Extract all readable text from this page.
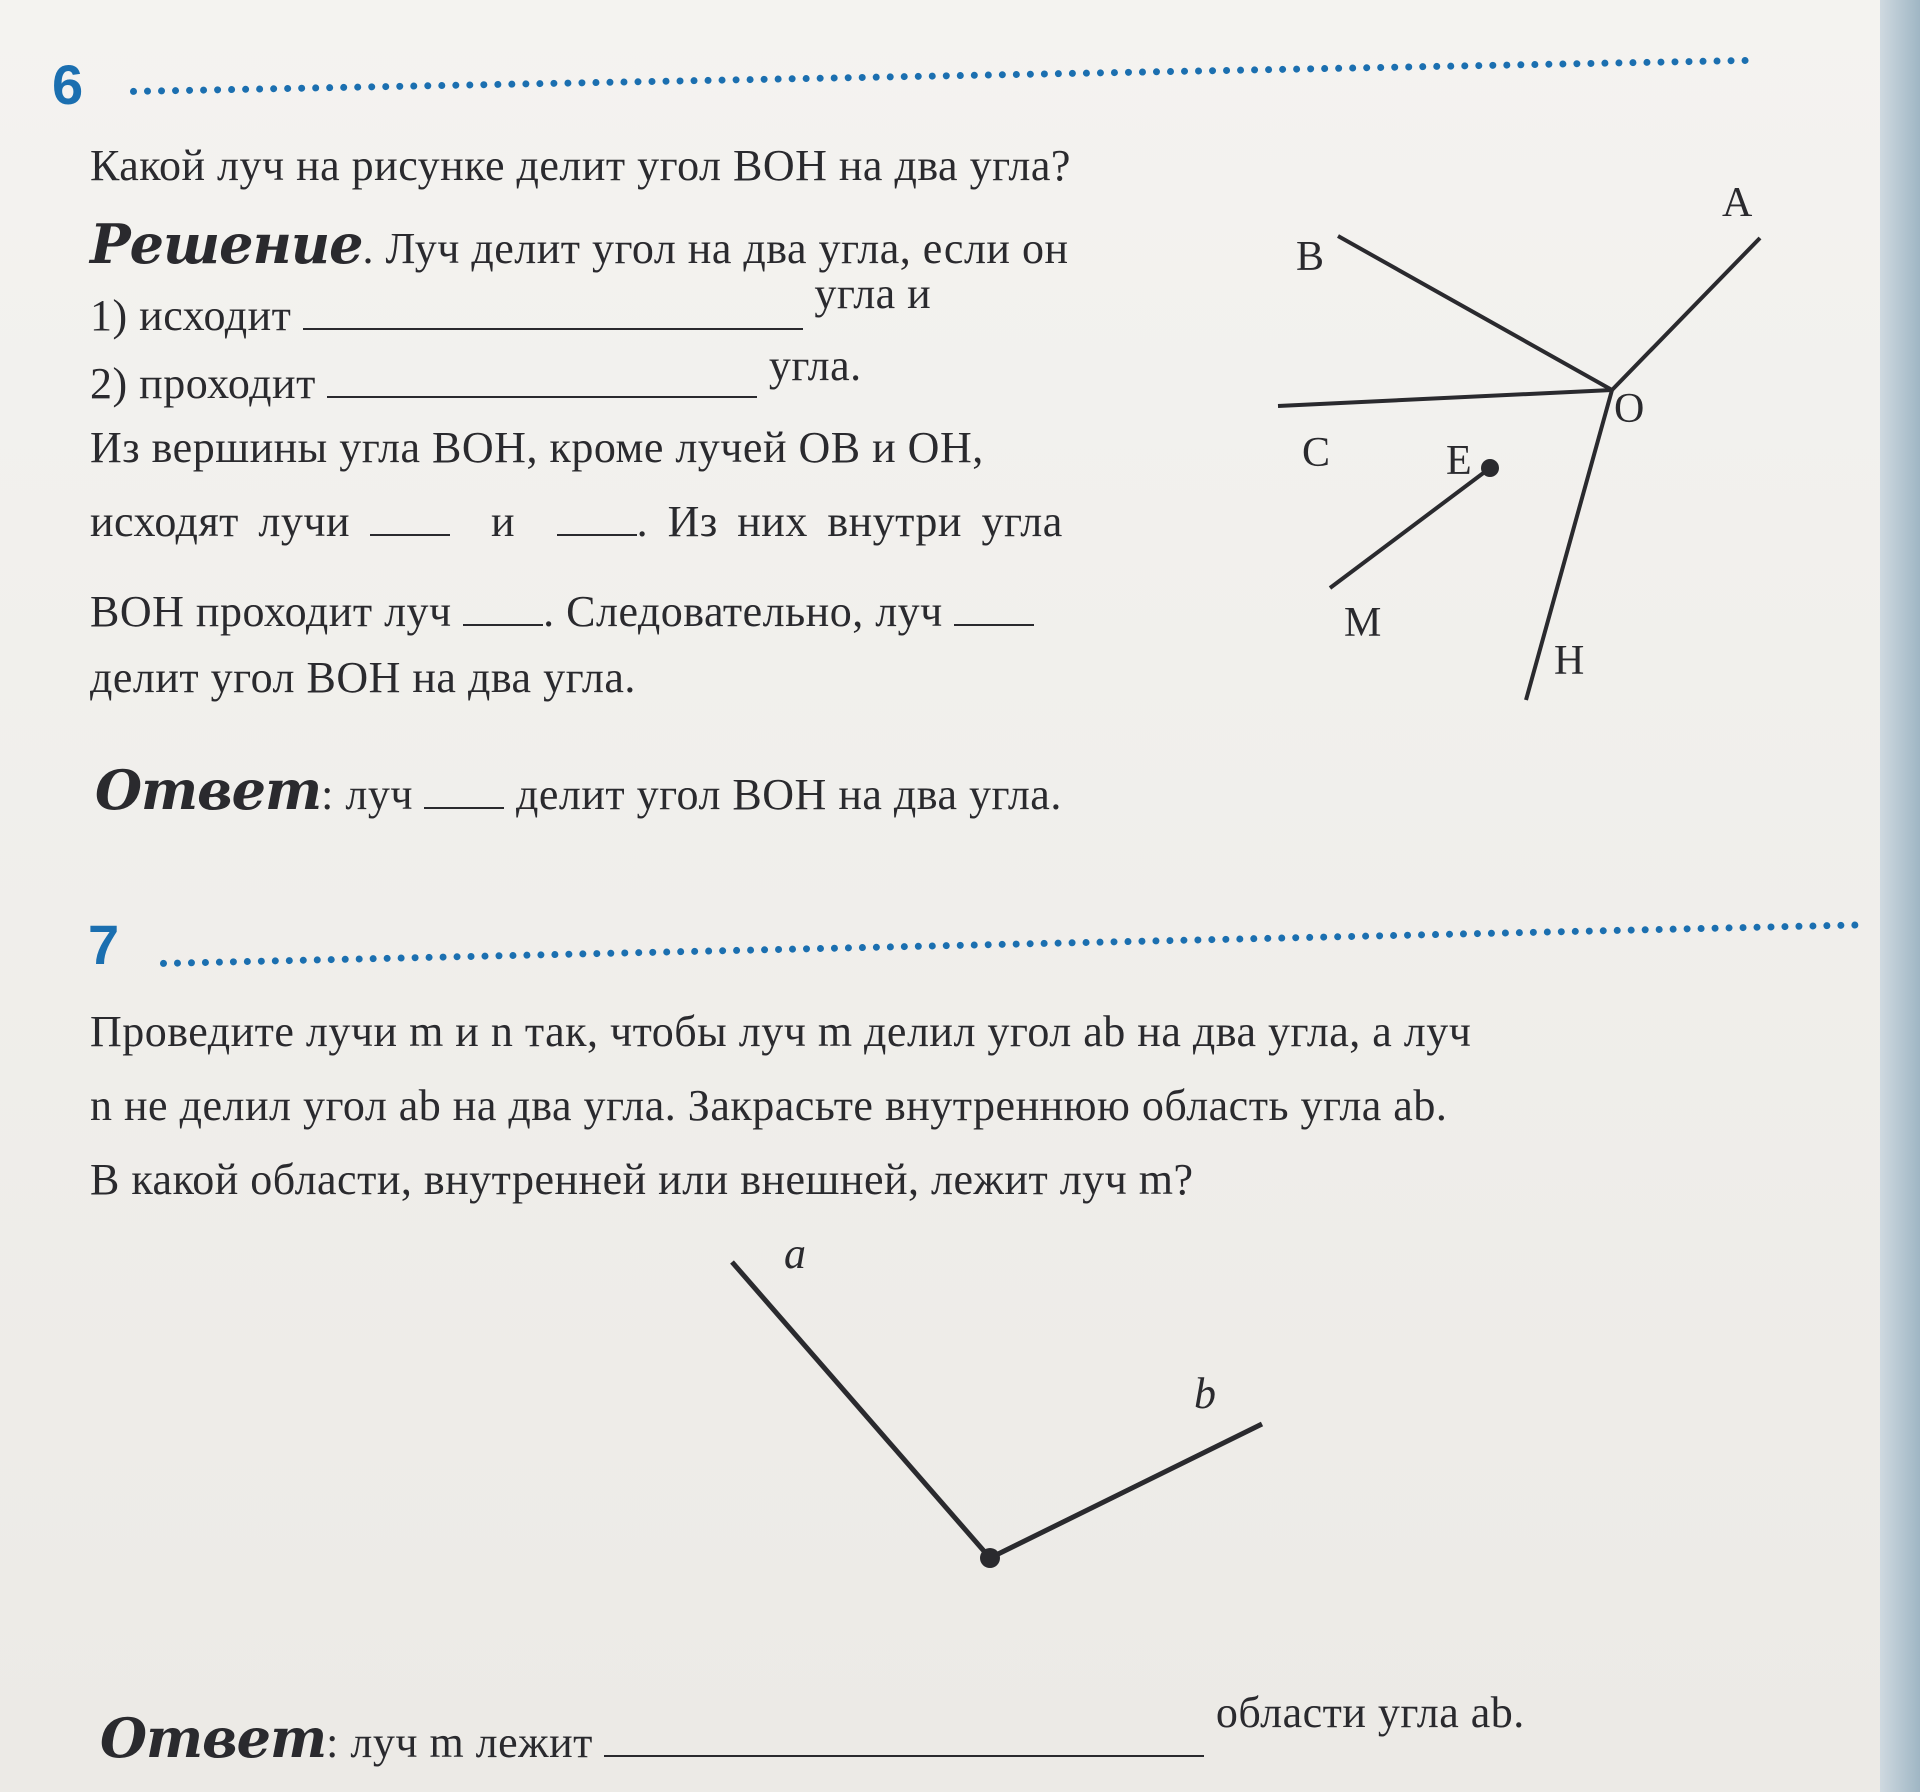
6
Какой луч на рисунке делит угол BOH на два угла?
Решение. Луч делит угол на два угла, если он
1) исходит	угла и
2) проходит	угла.
Из вершины угла BOH, кроме лучей OB и OH,
исходят лучи	и	. Из них внутри угла
BOH проходит луч . Следовательно, луч
делит угол BOH на два угла.
Ответ: луч делит угол BOH на два угла.
7
Проведите лучи m и n так, чтобы луч m делил угол ab на два угла, а луч
n не делил угол ab на два угла. Закрасьте внутреннюю область угла ab.
В какой области, внутренней или внешней, лежит луч m?
Ответ: луч m лежит  области угла ab.
A
B
O
C	E
M
H
a
b
